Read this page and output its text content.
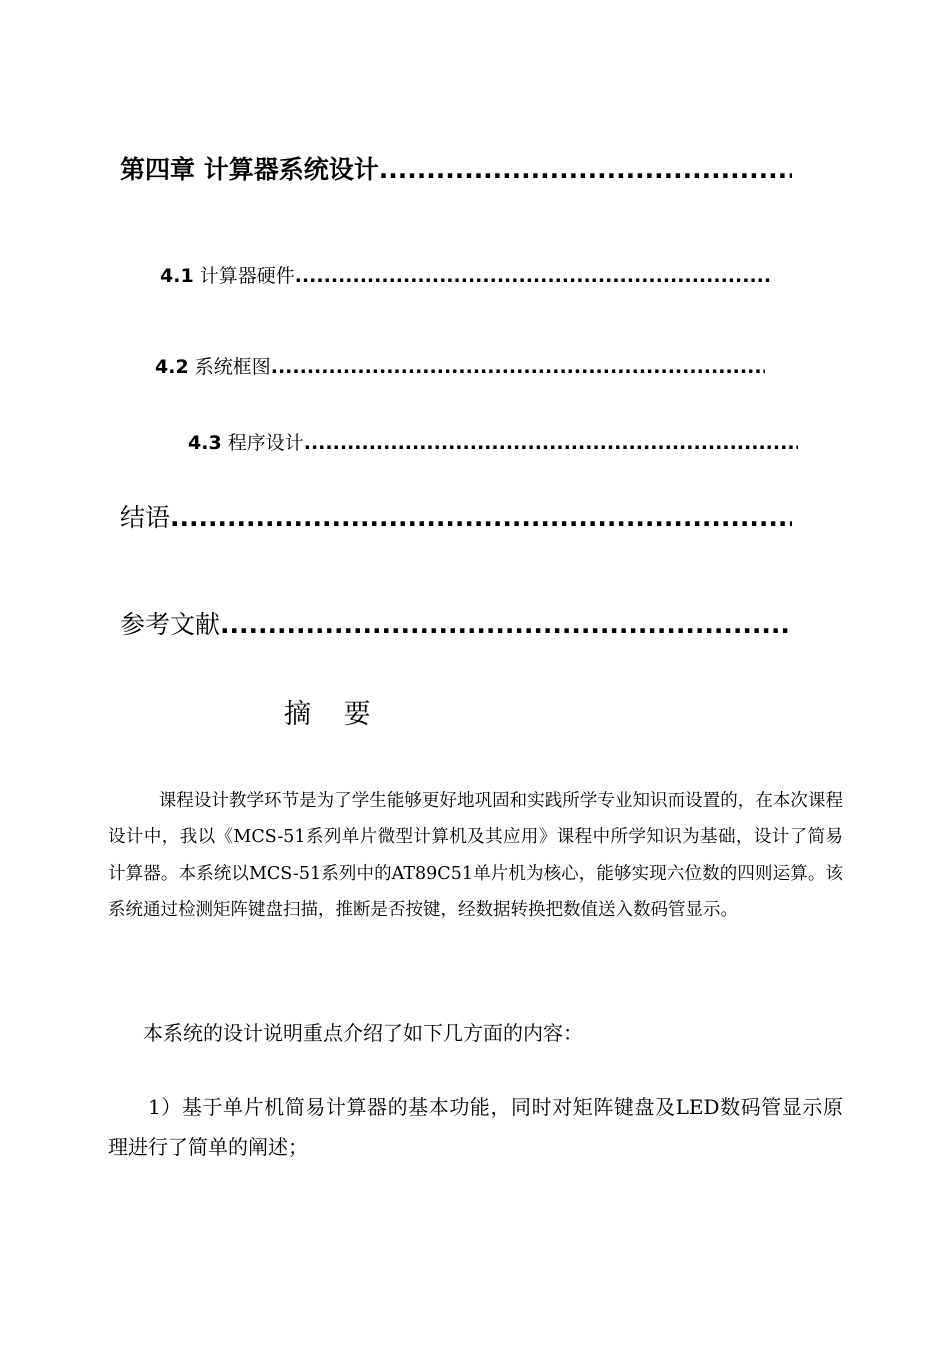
第四章 计算器系统设计
.....
4.1 计算器硬件
.....
4.2 系统框图
.....
4.3 程序设计
.....
结语
.....
参考文献
.....
摘 要

课程设计教学环节是为了学生能够更好地巩固和实践所学专业知识而设置的，在本次课程设计中，我以《MCS-51系列单片微型计算机及其应用》课程中所学知识为基础，设计了简易计算器。本系统以MCS-51系列中的AT89C51单片机为核心，能够实现六位数的四则运算。该系统通过检测矩阵键盘扫描，推断是否按键，经数据转换把数值送入数码管显示。

本系统的设计说明重点介绍了如下几方面的内容：

1）基于单片机简易计算器的基本功能，同时对矩阵键盘及LED数码管显示原理进行了简单的阐述；
